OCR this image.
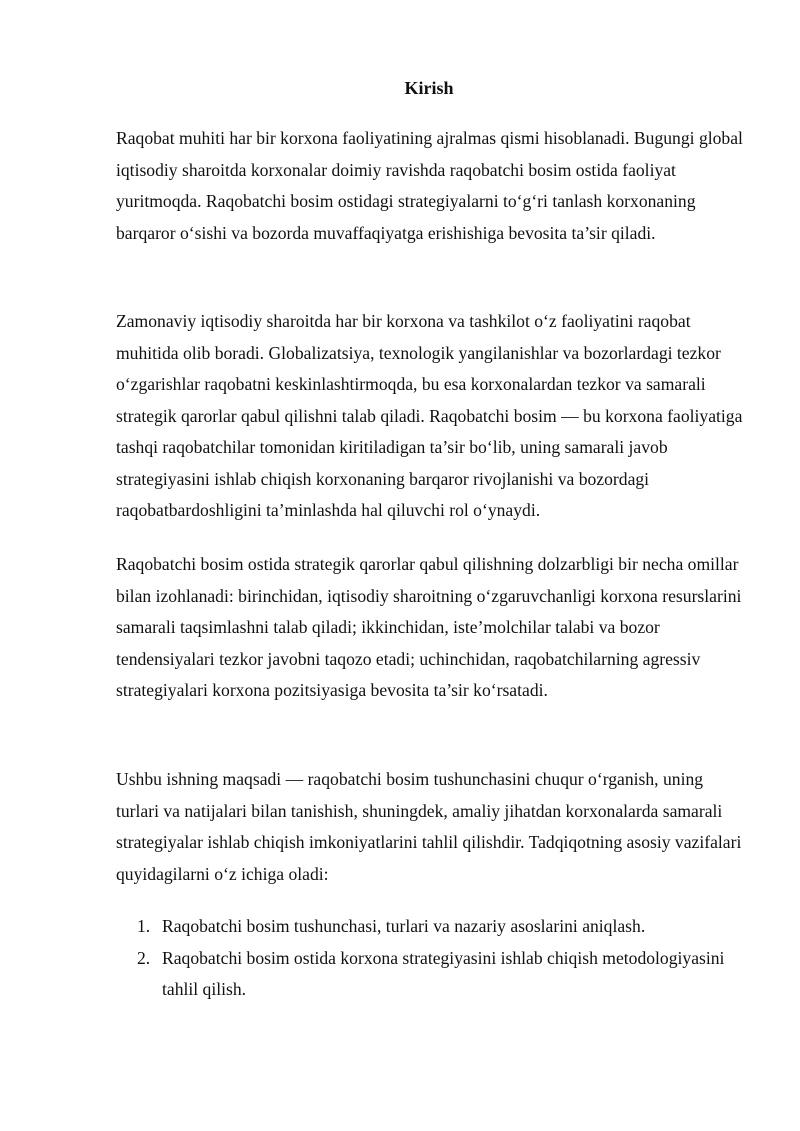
Kirish

Raqobat muhiti har bir korxona faoliyatining ajralmas qismi hisoblanadi. Bugungi global iqtisodiy sharoitda korxonalar doimiy ravishda raqobatchi bosim ostida faoliyat yuritmoqda. Raqobatchi bosim ostidagi strategiyalarni to‘g‘ri tanlash korxonaning barqaror o‘sishi va bozorda muvaffaqiyatga erishishiga bevosita ta’sir qiladi.

Zamonaviy iqtisodiy sharoitda har bir korxona va tashkilot o‘z faoliyatini raqobat muhitida olib boradi. Globalizatsiya, texnologik yangilanishlar va bozorlardagi tezkor o‘zgarishlar raqobatni keskinlashtirmoqda, bu esa korxonalardan tezkor va samarali strategik qarorlar qabul qilishni talab qiladi. Raqobatchi bosim — bu korxona faoliyatiga tashqi raqobatchilar tomonidan kiritiladigan ta’sir bo‘lib, uning samarali javob strategiyasini ishlab chiqish korxonaning barqaror rivojlanishi va bozordagi raqobatbardoshligini ta’minlashda hal qiluvchi rol o‘ynaydi.

Raqobatchi bosim ostida strategik qarorlar qabul qilishning dolzarbligi bir necha omillar bilan izohlanadi: birinchidan, iqtisodiy sharoitning o‘zgaruvchanligi korxona resurslarini samarali taqsimlashni talab qiladi; ikkinchidan, iste’molchilar talabi va bozor tendensiyalari tezkor javobni taqozo etadi; uchinchidan, raqobatchilarning agressiv strategiyalari korxona pozitsiyasiga bevosita ta’sir ko‘rsatadi.

Ushbu ishning maqsadi — raqobatchi bosim tushunchasini chuqur o‘rganish, uning turlari va natijalari bilan tanishish, shuningdek, amaliy jihatdan korxonalarda samarali strategiyalar ishlab chiqish imkoniyatlarini tahlil qilishdir. Tadqiqotning asosiy vazifalari quyidagilarni o‘z ichiga oladi:

1. Raqobatchi bosim tushunchasi, turlari va nazariy asoslarini aniqlash.
2. Raqobatchi bosim ostida korxona strategiyasini ishlab chiqish metodologiyasini tahlil qilish.
